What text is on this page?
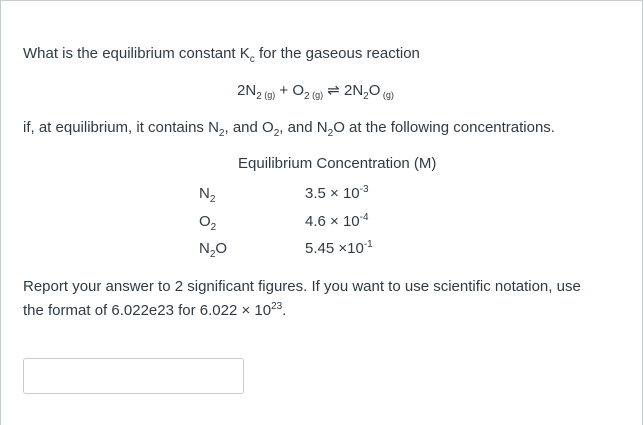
What is the equilibrium constant $K_c$ for the gaseous reaction
$2N_2$ $_{(g)} + O_2$ $_{(g)}$ ⇌ $2N_2O$ $_{(g)}$
if, at equilibrium, it contains $N_2$, and $O_2$, and $N_2O$ at the following concentrations.
Equilibrium Concentration (M)
$N_2$	$3.5 \times 10^{-3}$
$O_2$	$4.6 \times 10^{-4}$
$N_2O$	$5.45 \times 10^{-1}$
Report your answer to 2 significant figures. If you want to use scientific notation, use
the format of 6.022e23 for $6.022 \times 10^{23}$.
